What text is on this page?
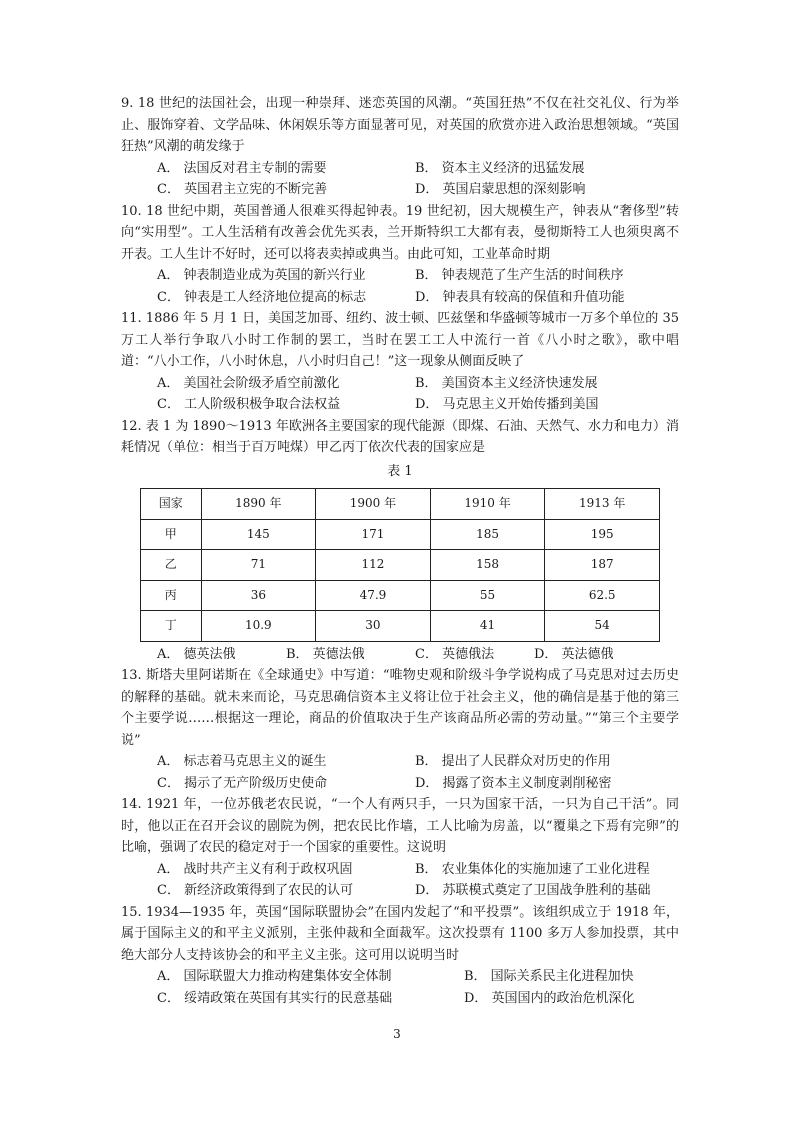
9. 18 世纪的法国社会，出现一种崇拜、迷恋英国的风潮。“英国狂热”不仅在社交礼仪、行为举止、服饰穿着、文学品味、休闲娱乐等方面显著可见，对英国的欣赏亦进入政治思想领域。“英国狂热”风潮的萌发缘于

A． 法国反对君主专制的需要	B． 资本主义经济的迅猛发展
C． 英国君主立宪的不断完善	D． 英国启蒙思想的深刻影响

10. 18 世纪中期，英国普通人很难买得起钟表。19 世纪初，因大规模生产，钟表从“奢侈型”转向“实用型”。工人生活稍有改善会优先买表，兰开斯特织工大都有表，曼彻斯特工人也须臾离不开表。工人生计不好时，还可以将表卖掉或典当。由此可知，工业革命时期

A． 钟表制造业成为英国的新兴行业	B． 钟表规范了生产生活的时间秩序
C． 钟表是工人经济地位提高的标志	D． 钟表具有较高的保值和升值功能

11. 1886 年 5 月 1 日，美国芝加哥、纽约、波士顿、匹兹堡和华盛顿等城市一万多个单位的 35 万工人举行争取八小时工作制的罢工，当时在罢工工人中流行一首《八小时之歌》，歌中唱道：“八小工作，八小时休息，八小时归自己！”这一现象从侧面反映了

A． 美国社会阶级矛盾空前激化	B． 美国资本主义经济快速发展
C． 工人阶级积极争取合法权益	D． 马克思主义开始传播到美国

12. 表 1 为 1890～1913 年欧洲各主要国家的现代能源（即煤、石油、天然气、水力和电力）消耗情况（单位：相当于百万吨煤）甲乙丙丁依次代表的国家应是

表 1
国家	1890 年	1900 年	1910 年	1913 年
甲	145	171	185	195
乙	71	112	158	187
丙	36	47.9	55	62.5
丁	10.9	30	41	54
A． 德英法俄	B． 英德法俄	C． 英德俄法	D． 英法德俄

13. 斯塔夫里阿诺斯在《全球通史》中写道：“唯物史观和阶级斗争学说构成了马克思对过去历史的解释的基础。就未来而论，马克思确信资本主义将让位于社会主义，他的确信是基于他的第三个主要学说……根据这一理论，商品的价值取决于生产该商品所必需的劳动量。”“第三个主要学说”

A． 标志着马克思主义的诞生	B． 提出了人民群众对历史的作用
C． 揭示了无产阶级历史使命	D． 揭露了资本主义制度剥削秘密

14. 1921 年，一位苏俄老农民说，“一个人有两只手，一只为国家干活，一只为自己干活”。同时，他以正在召开会议的剧院为例，把农民比作墙，工人比喻为房盖，以“覆巢之下焉有完卵”的比喻，强调了农民的稳定对于一个国家的重要性。这说明

A． 战时共产主义有利于政权巩固	B． 农业集体化的实施加速了工业化进程
C． 新经济政策得到了农民的认可	D． 苏联模式奠定了卫国战争胜利的基础

15. 1934—1935 年，英国“国际联盟协会”在国内发起了“和平投票”。该组织成立于 1918 年，属于国际主义的和平主义派别，主张仲裁和全面裁军。这次投票有 1100 多万人参加投票，其中绝大部分人支持该协会的和平主义主张。这可用以说明当时

A． 国际联盟大力推动构建集体安全体制	B． 国际关系民主化进程加快
C． 绥靖政策在英国有其实行的民意基础	D． 英国国内的政治危机深化
3
